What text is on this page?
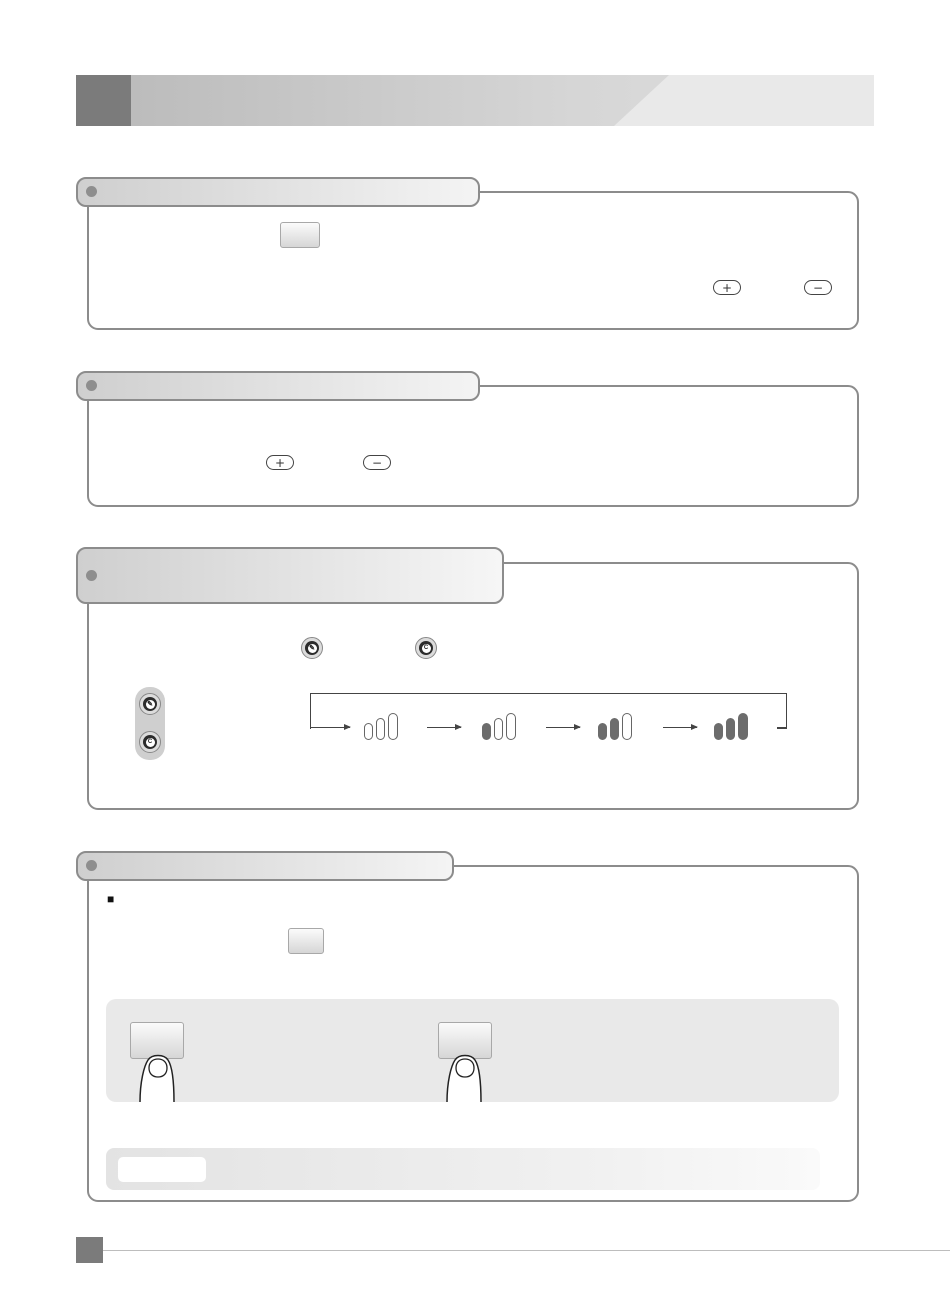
+	−
+	−
✎	C
✎
C
■
